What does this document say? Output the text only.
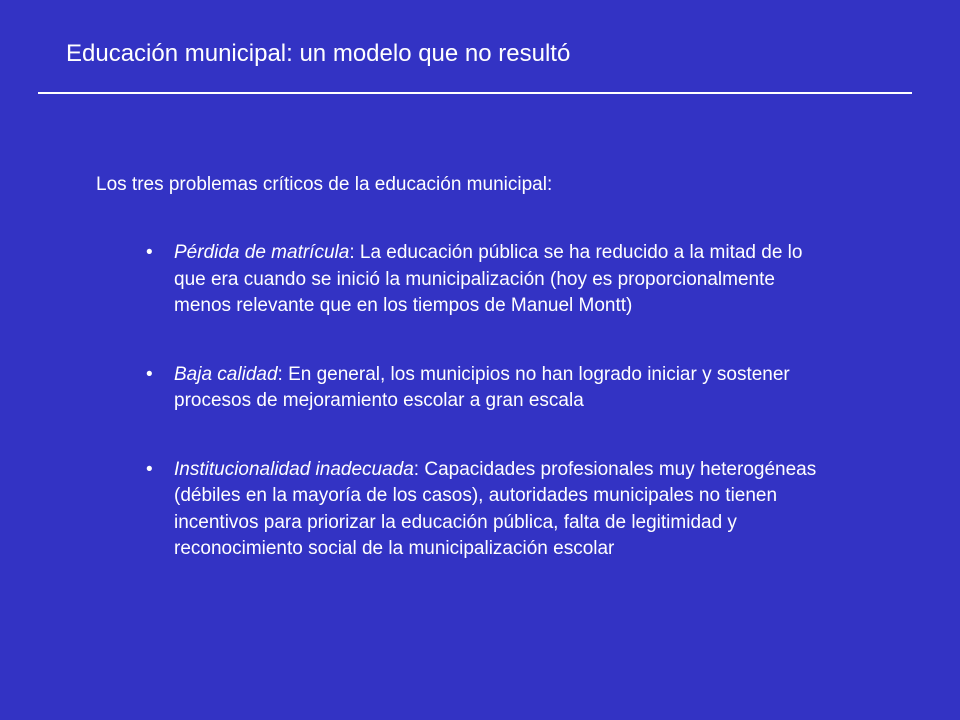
Educación municipal: un modelo que no resultó
Los tres problemas críticos de la educación municipal:
• Pérdida de matrícula: La educación pública se ha reducido a la mitad de lo que era cuando se inició la municipalización (hoy es proporcionalmente menos relevante que en los tiempos de Manuel Montt)
• Baja calidad: En general, los municipios no han logrado iniciar y sostener procesos de mejoramiento escolar a gran escala
• Institucionalidad inadecuada: Capacidades profesionales muy heterogéneas (débiles en la mayoría de los casos), autoridades municipales no tienen incentivos para priorizar la educación pública, falta de legitimidad y reconocimiento social de la municipalización escolar
